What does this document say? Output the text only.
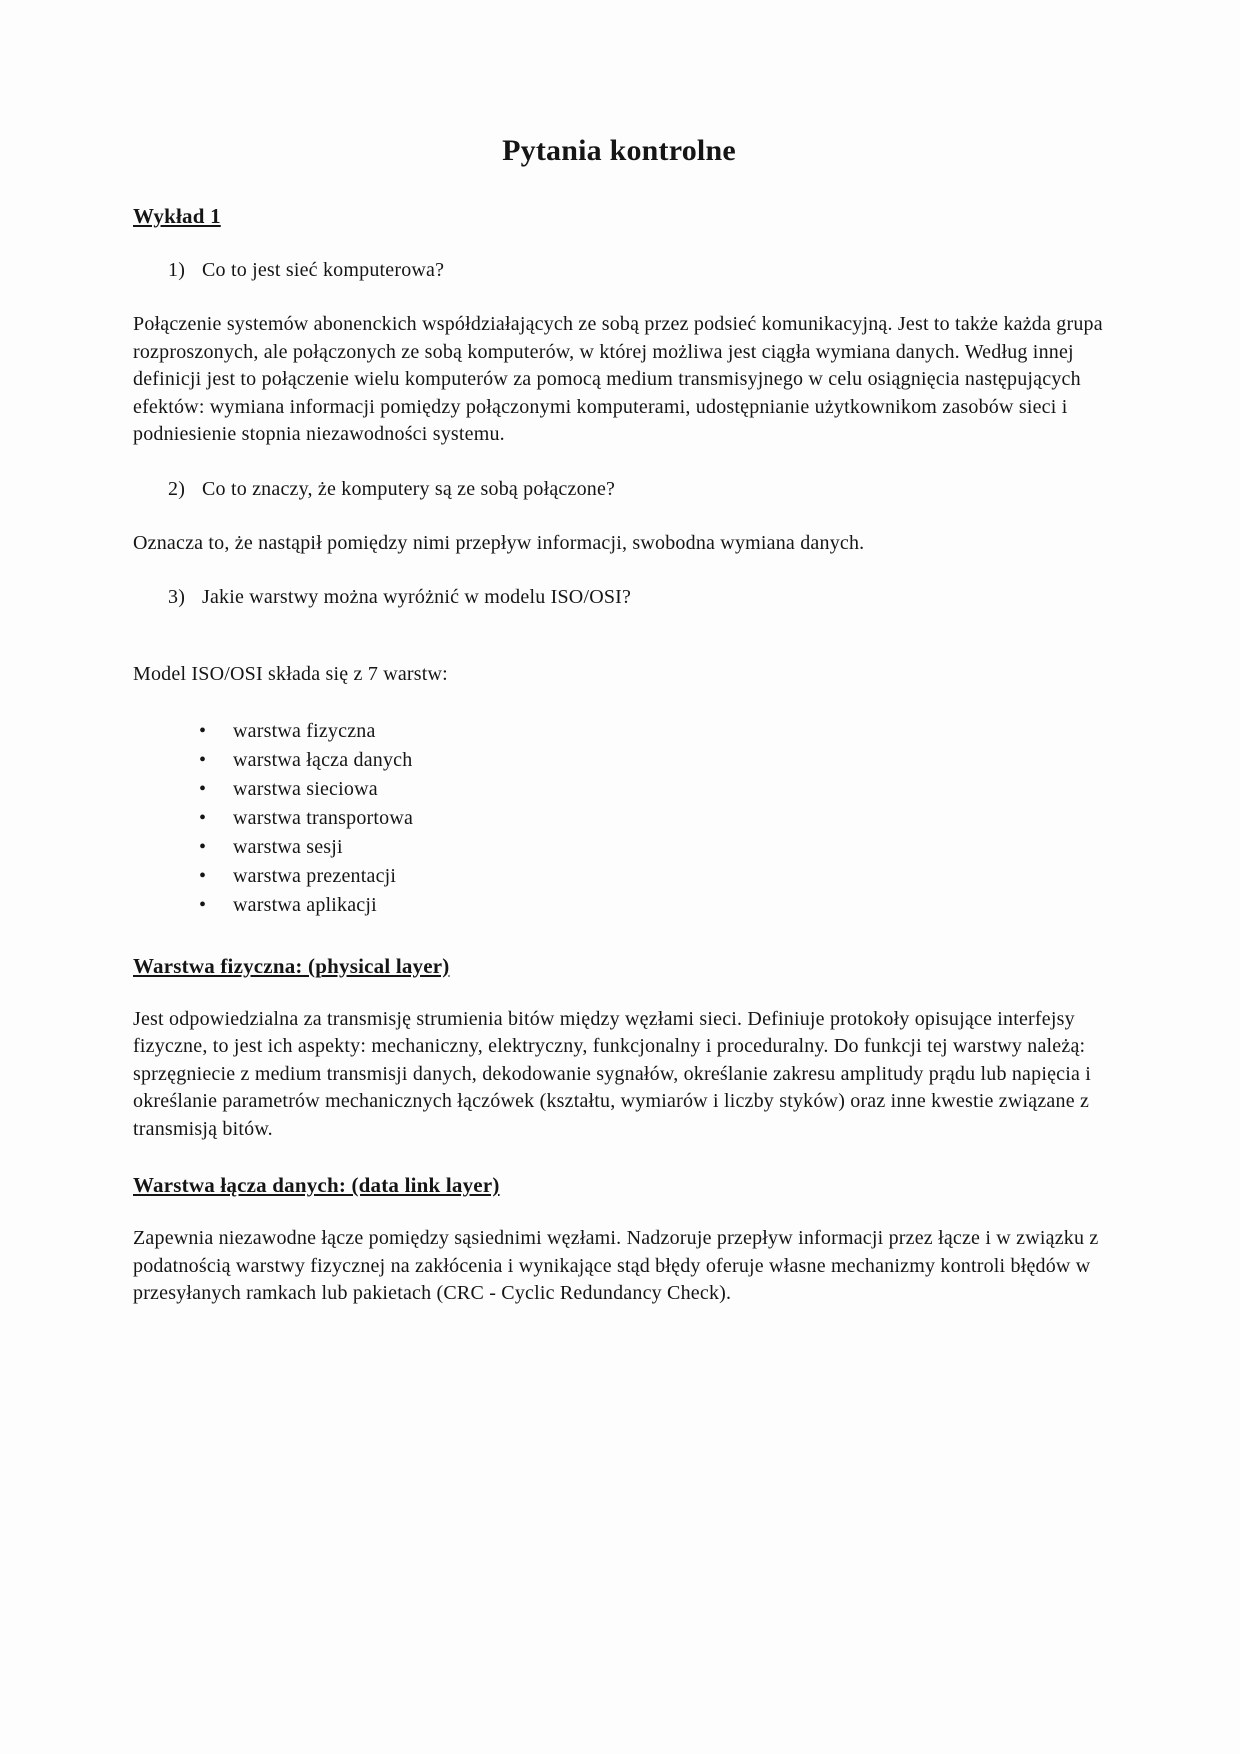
Pytania kontrolne
Wykład 1
1) Co to jest sieć komputerowa?

Połączenie systemów abonenckich współdziałających ze sobą przez podsieć komunikacyjną. Jest to także każda grupa rozproszonych, ale połączonych ze sobą komputerów, w której możliwa jest ciągła wymiana danych. Według innej definicji jest to połączenie wielu komputerów za pomocą medium transmisyjnego w celu osiągnięcia następujących efektów: wymiana informacji pomiędzy połączonymi komputerami, udostępnianie użytkownikom zasobów sieci i podniesienie stopnia niezawodności systemu.

2) Co to znaczy, że komputery są ze sobą połączone?

Oznacza to, że nastąpił pomiędzy nimi przepływ informacji, swobodna wymiana danych.

3) Jakie warstwy można wyróżnić w modelu ISO/OSI?

Model ISO/OSI składa się z 7 warstw:

• warstwa fizyczna
• warstwa łącza danych
• warstwa sieciowa
• warstwa transportowa
• warstwa sesji
• warstwa prezentacji
• warstwa aplikacji
Warstwa fizyczna: (physical layer)

Jest odpowiedzialna za transmisję strumienia bitów między węzłami sieci. Definiuje protokoły opisujące interfejsy fizyczne, to jest ich aspekty: mechaniczny, elektryczny, funkcjonalny i proceduralny. Do funkcji tej warstwy należą: sprzęgniecie z medium transmisji danych, dekodowanie sygnałów, określanie zakresu amplitudy prądu lub napięcia i określanie parametrów mechanicznych łączówek (kształtu, wymiarów i liczby styków) oraz inne kwestie związane z transmisją bitów.

Warstwa łącza danych: (data link layer)

Zapewnia niezawodne łącze pomiędzy sąsiednimi węzłami. Nadzoruje przepływ informacji przez łącze i w związku z podatnością warstwy fizycznej na zakłócenia i wynikające stąd błędy oferuje własne mechanizmy kontroli błędów w przesyłanych ramkach lub pakietach (CRC - Cyclic Redundancy Check).
